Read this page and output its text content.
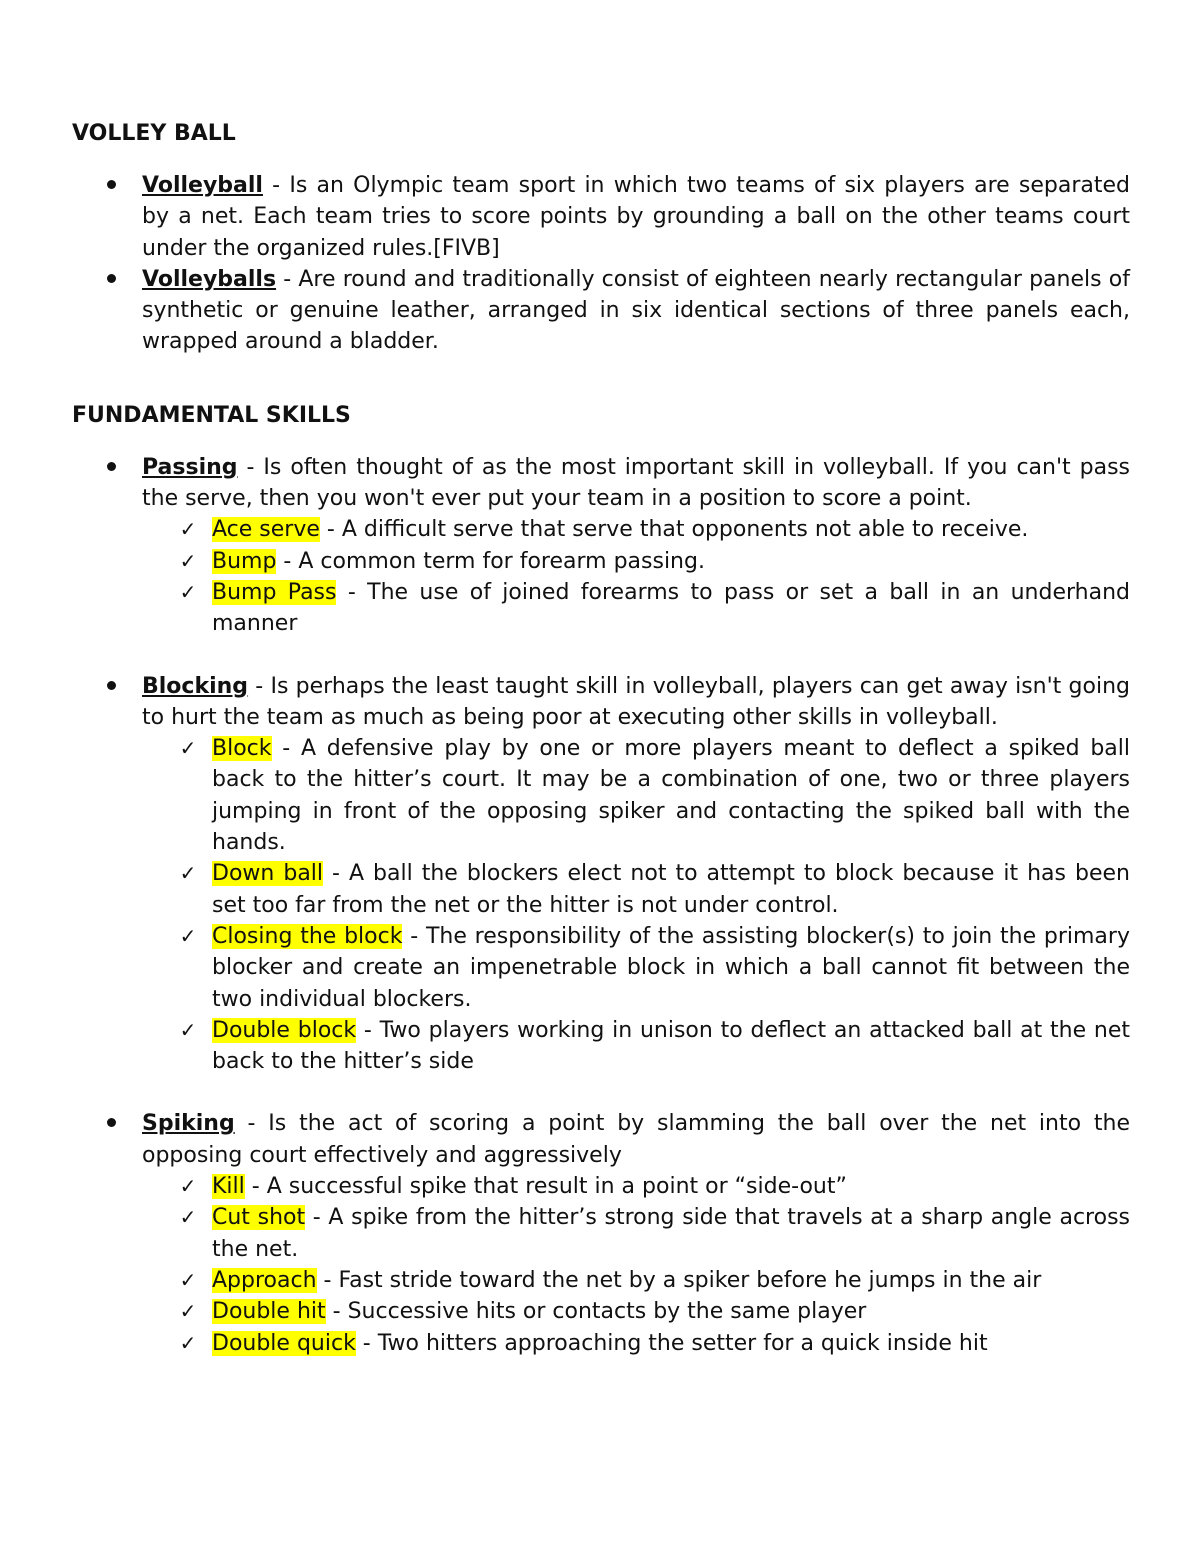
VOLLEY BALL

Volleyball - Is an Olympic team sport in which two teams of six players are separated by a net. Each team tries to score points by grounding a ball on the other teams court under the organized rules.[FIVB]
Volleyballs - Are round and traditionally consist of eighteen nearly rectangular panels of synthetic or genuine leather, arranged in six identical sections of three panels each, wrapped around a bladder.

FUNDAMENTAL SKILLS

Passing - Is often thought of as the most important skill in volleyball. If you can't pass the serve, then you won't ever put your team in a position to score a point.
✓ Ace serve - A difficult serve that serve that opponents not able to receive.
✓ Bump - A common term for forearm passing.
✓ Bump Pass - The use of joined forearms to pass or set a ball in an underhand manner
Blocking - Is perhaps the least taught skill in volleyball, players can get away isn't going to hurt the team as much as being poor at executing other skills in volleyball.
✓ Block - A defensive play by one or more players meant to deflect a spiked ball back to the hitter’s court. It may be a combination of one, two or three players jumping in front of the opposing spiker and contacting the spiked ball with the hands.
✓ Down ball - A ball the blockers elect not to attempt to block because it has been set too far from the net or the hitter is not under control.
✓ Closing the block - The responsibility of the assisting blocker(s) to join the primary blocker and create an impenetrable block in which a ball cannot fit between the two individual blockers.
✓ Double block - Two players working in unison to deflect an attacked ball at the net back to the hitter’s side
Spiking - Is the act of scoring a point by slamming the ball over the net into the opposing court effectively and aggressively
✓ Kill - A successful spike that result in a point or “side-out”
✓ Cut shot - A spike from the hitter’s strong side that travels at a sharp angle across the net.
✓ Approach - Fast stride toward the net by a spiker before he jumps in the air
✓ Double hit - Successive hits or contacts by the same player
✓ Double quick - Two hitters approaching the setter for a quick inside hit
